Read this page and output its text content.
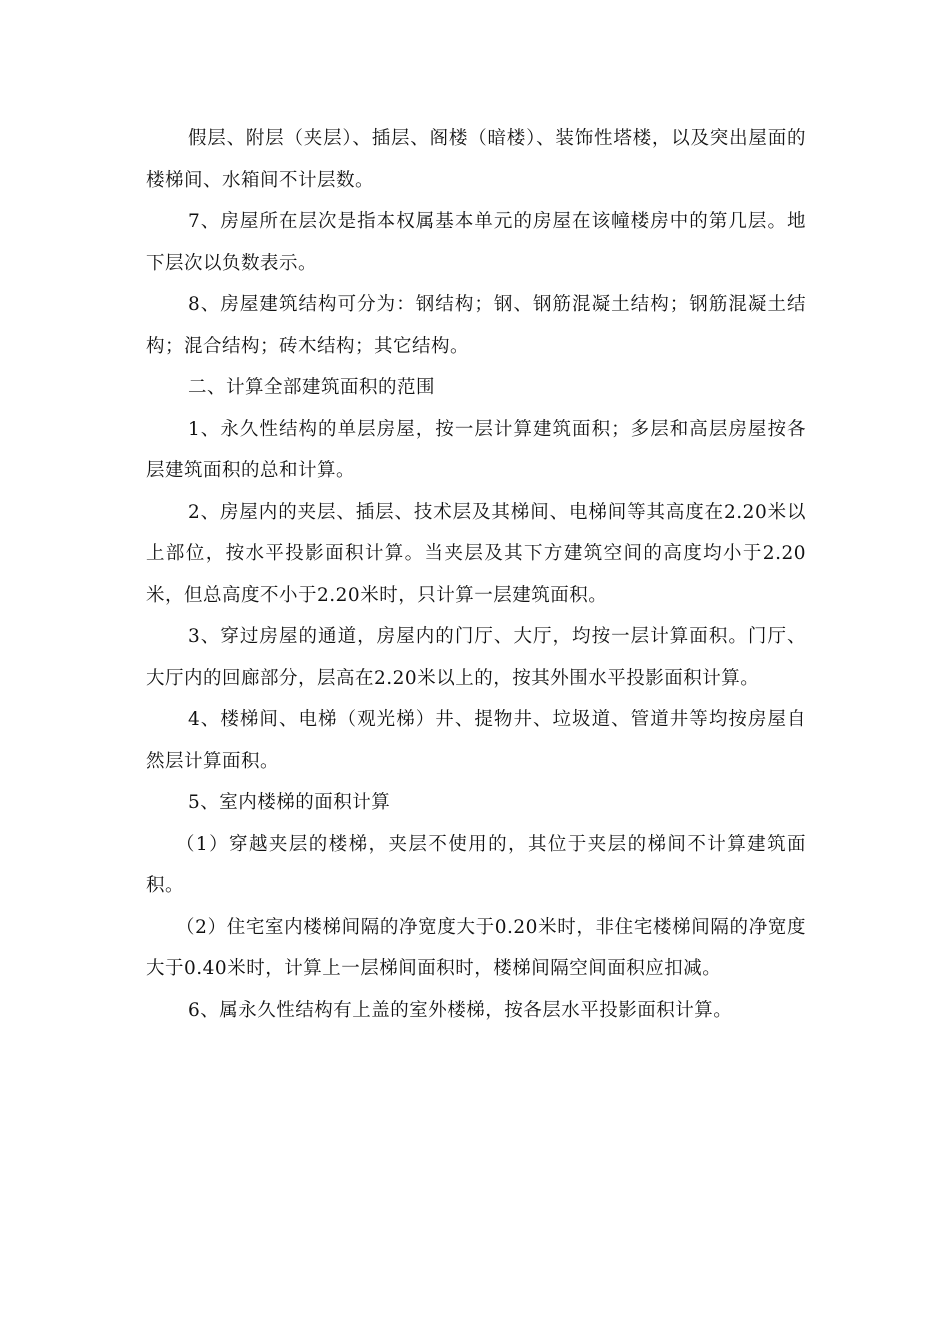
假层、附层（夹层）、插层、阁楼（暗楼）、装饰性塔楼，以及突出屋面的楼梯间、水箱间不计层数。

7、房屋所在层次是指本权属基本单元的房屋在该幢楼房中的第几层。地下层次以负数表示。

8、房屋建筑结构可分为：钢结构；钢、钢筋混凝土结构；钢筋混凝土结构；混合结构；砖木结构；其它结构。

二、计算全部建筑面积的范围

1、永久性结构的单层房屋，按一层计算建筑面积；多层和高层房屋按各层建筑面积的总和计算。

2、房屋内的夹层、插层、技术层及其梯间、电梯间等其高度在2.20米以上部位，按水平投影面积计算。当夹层及其下方建筑空间的高度均小于2.20米，但总高度不小于2.20米时，只计算一层建筑面积。

3、穿过房屋的通道，房屋内的门厅、大厅，均按一层计算面积。门厅、大厅内的回廊部分，层高在2.20米以上的，按其外围水平投影面积计算。

4、楼梯间、电梯（观光梯）井、提物井、垃圾道、管道井等均按房屋自然层计算面积。

5、室内楼梯的面积计算

（1）穿越夹层的楼梯，夹层不使用的，其位于夹层的梯间不计算建筑面积。

（2）住宅室内楼梯间隔的净宽度大于0.20米时，非住宅楼梯间隔的净宽度大于0.40米时，计算上一层梯间面积时，楼梯间隔空间面积应扣减。

6、属永久性结构有上盖的室外楼梯，按各层水平投影面积计算。
